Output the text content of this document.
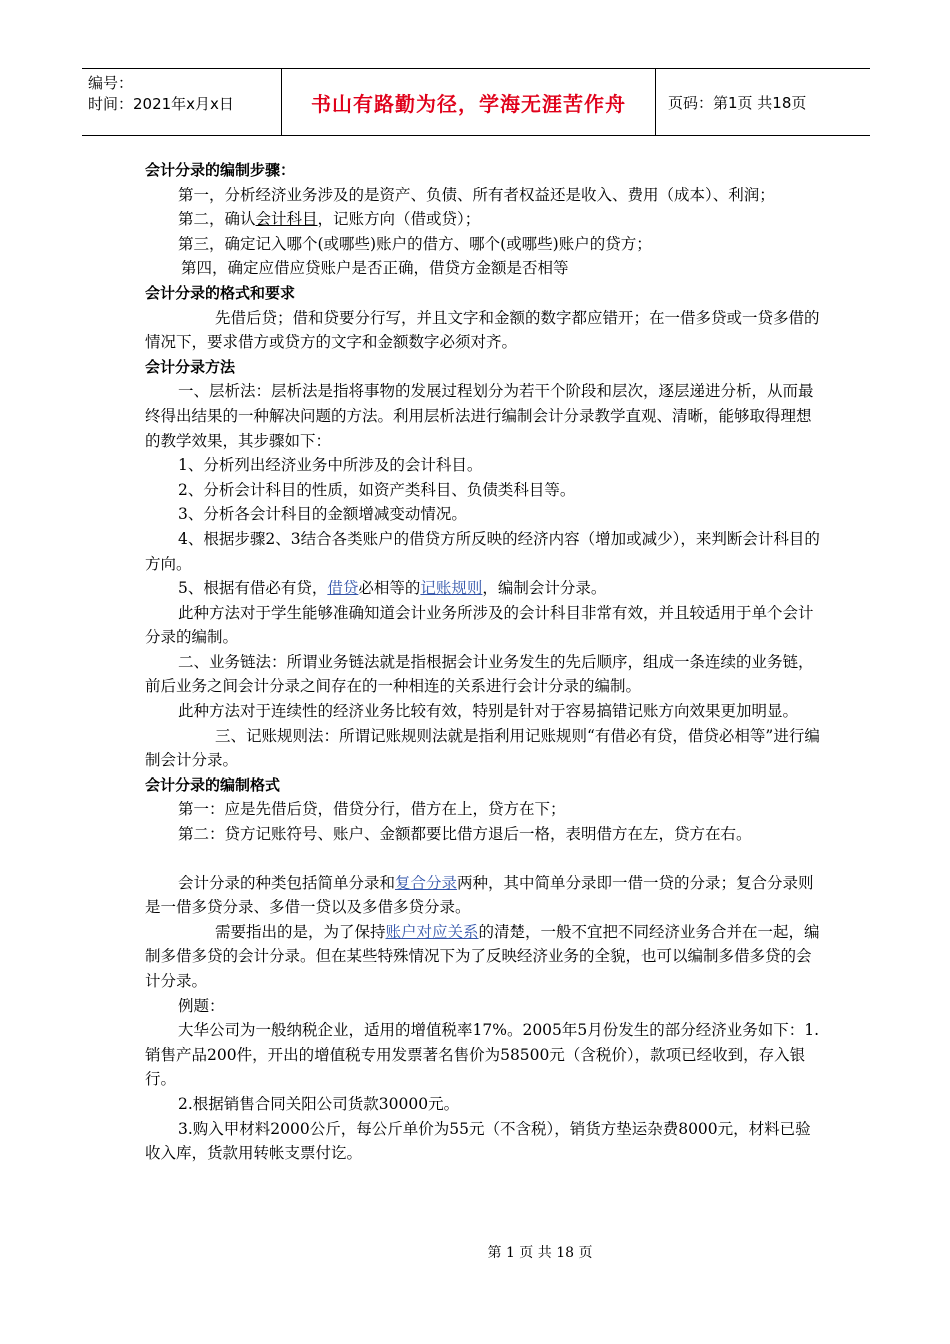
编号：
时间：2021年x月x日	书山有路勤为径，学海无涯苦作舟	页码：第1页 共18页

会计分录的编制步骤：

第一，分析经济业务涉及的是资产、负债、所有者权益还是收入、费用（成本）、利润；

第二，确认会计科目，记账方向（借或贷）；

第三，确定记入哪个(或哪些)账户的借方、哪个(或哪些)账户的贷方；

第四，确定应借应贷账户是否正确，借贷方金额是否相等

会计分录的格式和要求

先借后贷；借和贷要分行写，并且文字和金额的数字都应错开；在一借多贷或一贷多借的情况下，要求借方或贷方的文字和金额数字必须对齐。

会计分录方法

一、层析法：层析法是指将事物的发展过程划分为若干个阶段和层次，逐层递进分析，从而最终得出结果的一种解决问题的方法。利用层析法进行编制会计分录教学直观、清晰，能够取得理想的教学效果，其步骤如下：

1、分析列出经济业务中所涉及的会计科目。

2、分析会计科目的性质，如资产类科目、负债类科目等。

3、分析各会计科目的金额增减变动情况。

4、根据步骤2、3结合各类账户的借贷方所反映的经济内容（增加或减少），来判断会计科目的方向。

5、根据有借必有贷，借贷必相等的记账规则，编制会计分录。

此种方法对于学生能够准确知道会计业务所涉及的会计科目非常有效，并且较适用于单个会计分录的编制。

二、业务链法：所谓业务链法就是指根据会计业务发生的先后顺序，组成一条连续的业务链，前后业务之间会计分录之间存在的一种相连的关系进行会计分录的编制。

此种方法对于连续性的经济业务比较有效，特别是针对于容易搞错记账方向效果更加明显。

三、记账规则法：所谓记账规则法就是指利用记账规则“有借必有贷，借贷必相等”进行编制会计分录。

会计分录的编制格式

第一：应是先借后贷，借贷分行，借方在上，贷方在下；

第二：贷方记账符号、账户、金额都要比借方退后一格，表明借方在左，贷方在右。

会计分录的种类包括简单分录和复合分录两种，其中简单分录即一借一贷的分录；复合分录则是一借多贷分录、多借一贷以及多借多贷分录。

需要指出的是，为了保持账户对应关系的清楚，一般不宜把不同经济业务合并在一起，编制多借多贷的会计分录。但在某些特殊情况下为了反映经济业务的全貌，也可以编制多借多贷的会计分录。

例题：

大华公司为一般纳税企业，适用的增值税率17%。2005年5月份发生的部分经济业务如下：1.销售产品200件，开出的增值税专用发票著名售价为58500元（含税价），款项已经收到，存入银行。

2.根据销售合同关阳公司货款30000元。

3.购入甲材料2000公斤，每公斤单价为55元（不含税），销货方垫运杂费8000元，材料已验收入库，货款用转帐支票付讫。

第 1 页 共 18 页
